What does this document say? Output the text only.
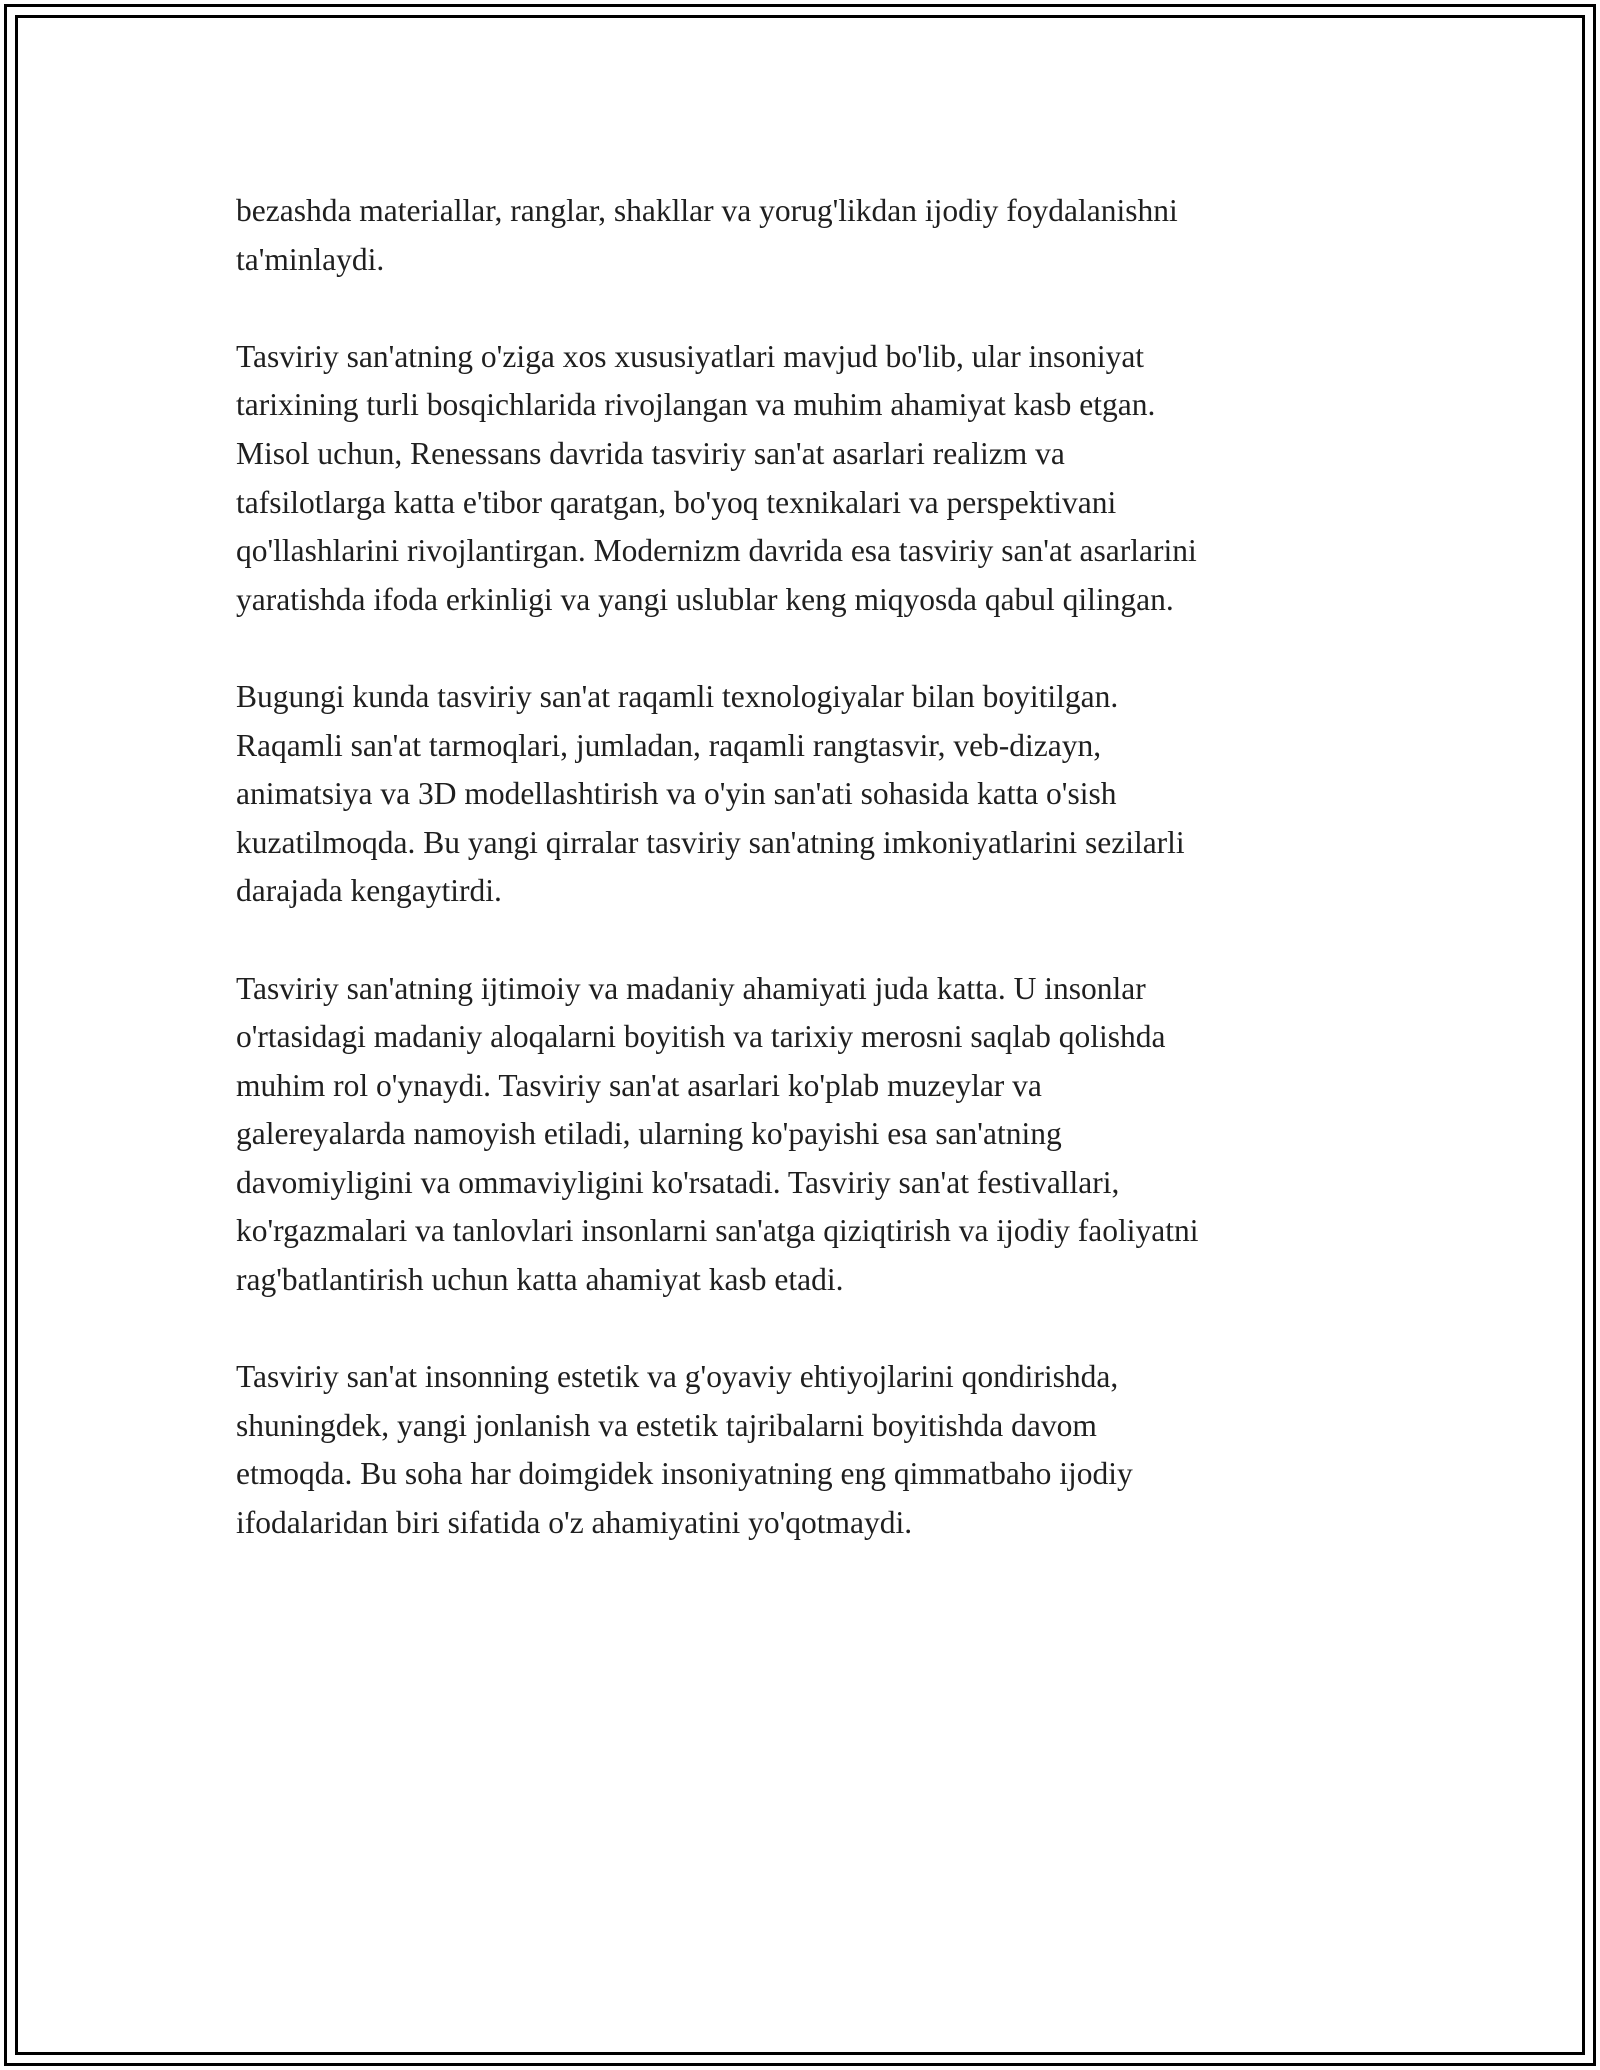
bezashda materiallar, ranglar, shakllar va yorug'likdan ijodiy foydalanishni
ta'minlaydi.

Tasviriy san'atning o'ziga xos xususiyatlari mavjud bo'lib, ular insoniyat
tarixining turli bosqichlarida rivojlangan va muhim ahamiyat kasb etgan.
Misol uchun, Renessans davrida tasviriy san'at asarlari realizm va
tafsilotlarga katta e'tibor qaratgan, bo'yoq texnikalari va perspektivani
qo'llashlarini rivojlantirgan. Modernizm davrida esa tasviriy san'at asarlarini
yaratishda ifoda erkinligi va yangi uslublar keng miqyosda qabul qilingan.

Bugungi kunda tasviriy san'at raqamli texnologiyalar bilan boyitilgan.
Raqamli san'at tarmoqlari, jumladan, raqamli rangtasvir, veb-dizayn,
animatsiya va 3D modellashtirish va o'yin san'ati sohasida katta o'sish
kuzatilmoqda. Bu yangi qirralar tasviriy san'atning imkoniyatlarini sezilarli
darajada kengaytirdi.

Tasviriy san'atning ijtimoiy va madaniy ahamiyati juda katta. U insonlar
o'rtasidagi madaniy aloqalarni boyitish va tarixiy merosni saqlab qolishda
muhim rol o'ynaydi. Tasviriy san'at asarlari ko'plab muzeylar va
galereyalarda namoyish etiladi, ularning ko'payishi esa san'atning
davomiyligini va ommaviyligini ko'rsatadi. Tasviriy san'at festivallari,
ko'rgazmalari va tanlovlari insonlarni san'atga qiziqtirish va ijodiy faoliyatni
rag'batlantirish uchun katta ahamiyat kasb etadi.

Tasviriy san'at insonning estetik va g'oyaviy ehtiyojlarini qondirishda,
shuningdek, yangi jonlanish va estetik tajribalarni boyitishda davom
etmoqda. Bu soha har doimgidek insoniyatning eng qimmatbaho ijodiy
ifodalaridan biri sifatida o'z ahamiyatini yo'qotmaydi.
